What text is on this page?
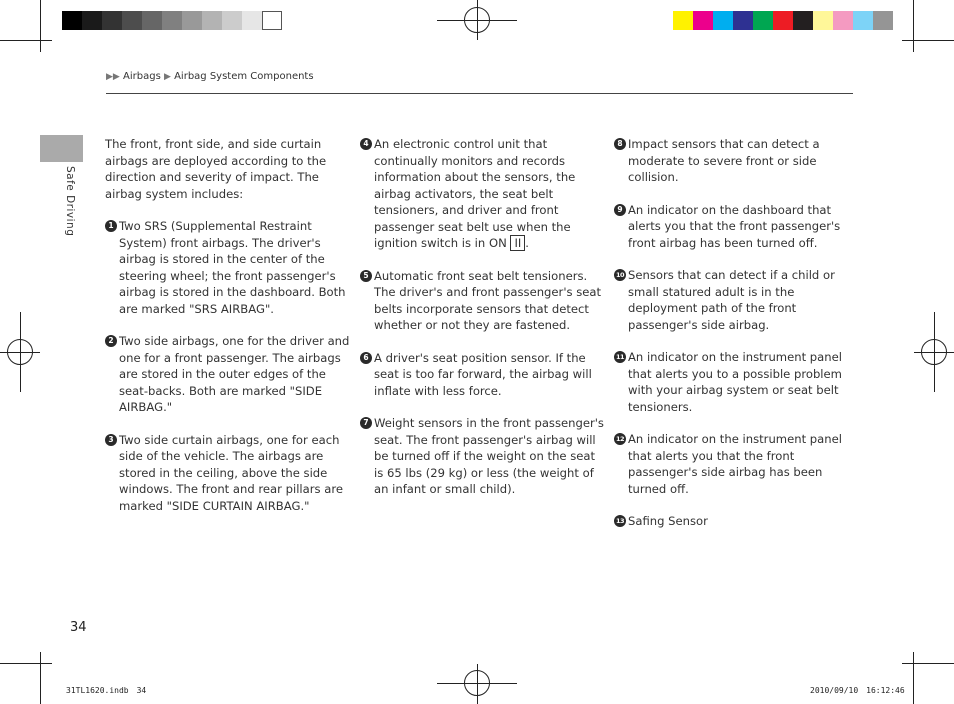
▶▶ Airbags ▶ Airbag System Components
Safe Driving

The front, front side, and side curtain airbags are deployed according to the direction and severity of impact. The airbag system includes:

1 Two SRS (Supplemental Restraint System) front airbags. The driver's airbag is stored in the center of the steering wheel; the front passenger's airbag is stored in the dashboard. Both are marked "SRS AIRBAG".
2 Two side airbags, one for the driver and one for a front passenger. The airbags are stored in the outer edges of the seat-backs. Both are marked "SIDE AIRBAG."
3 Two side curtain airbags, one for each side of the vehicle. The airbags are stored in the ceiling, above the side windows. The front and rear pillars are marked "SIDE CURTAIN AIRBAG."
4 An electronic control unit that continually monitors and records information about the sensors, the airbag activators, the seat belt tensioners, and driver and front passenger seat belt use when the ignition switch is in ON II .
5 Automatic front seat belt tensioners. The driver's and front passenger's seat belts incorporate sensors that detect whether or not they are fastened.
6 A driver's seat position sensor. If the seat is too far forward, the airbag will inflate with less force.
7 Weight sensors in the front passenger's seat. The front passenger's airbag will be turned off if the weight on the seat is 65 lbs (29 kg) or less (the weight of an infant or small child).
8 Impact sensors that can detect a moderate to severe front or side collision.
9 An indicator on the dashboard that alerts you that the front passenger's front airbag has been turned off.
10 Sensors that can detect if a child or small statured adult is in the deployment path of the front passenger's side airbag.
11 An indicator on the instrument panel that alerts you to a possible problem with your airbag system or seat belt tensioners.
12 An indicator on the instrument panel that alerts you that the front passenger's side airbag has been turned off.
13 Safing Sensor
34
31TL1620.indb　34	2010/09/10　16:12:46
